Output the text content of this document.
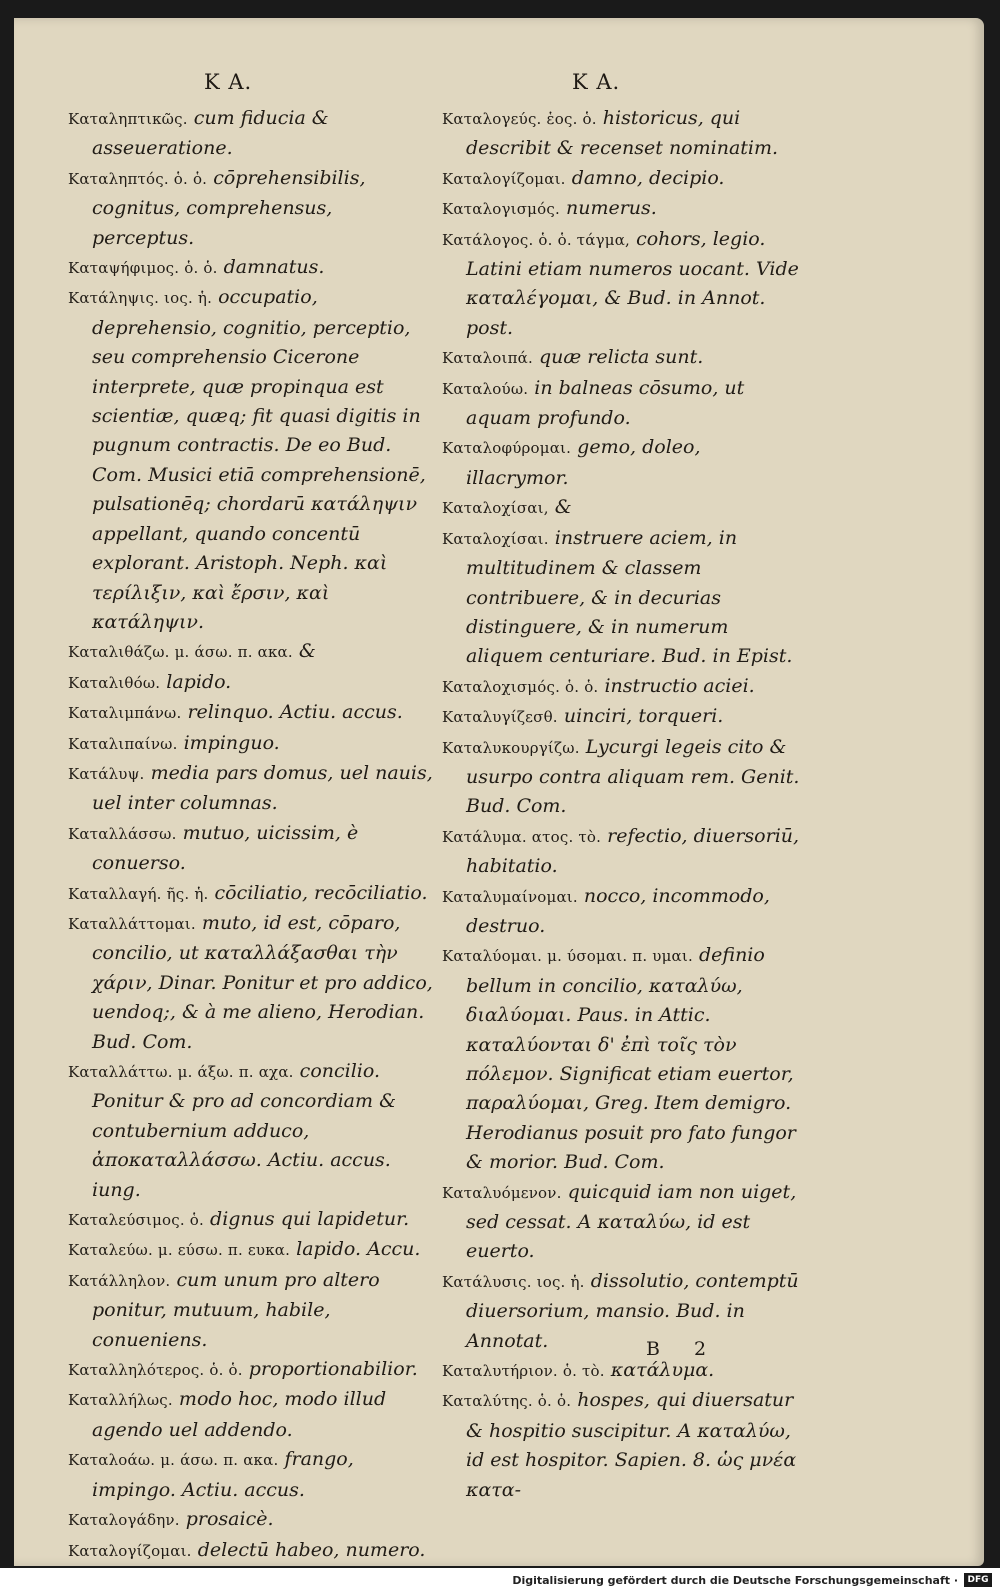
K A.	K A.

Καταληπτικῶς. cum fiducia & asseueratione.

Καταληπτός. ὁ. ὁ. cōprehensibilis, cognitus, comprehensus, perceptus.

Καταψήφιμος. ὁ. ὁ. damnatus.

Κατάληψις. ιος. ἡ. occupatio, deprehensio, cognitio, perceptio, seu comprehensio Cicerone interprete, quæ propinqua est scientiæ, quæq; fit quasi digitis in pugnum contractis. De eo Bud. Com. Musici etiā comprehensionē, pulsationēq; chordarū κατάληψιν appellant, quando concentū explorant. Aristoph. Neph. καὶ τερίλιξιν, καὶ ἔρσιν, καὶ κατάληψιν.

Καταλιθάζω. μ. άσω. π. ακα. &

Καταλιθόω. lapido.

Καταλιμπάνω. relinquo. Actiu. accus.

Καταλιπαίνω. impinguo.

Κατάλυψ. media pars domus, uel nauis, uel inter columnas.

Καταλλάσσω. mutuo, uicissim, è conuerso.

Καταλλαγή. ῆς. ἡ. cōciliatio, recōciliatio.

Καταλλάττομαι. muto, id est, cōparo, concilio, ut καταλλάξασθαι τὴν χάριν, Dinar. Ponitur et pro addico, uendoq;, & à me alieno, Herodian. Bud. Com.

Καταλλάττω. μ. άξω. π. αχα. concilio. Ponitur & pro ad concordiam & contubernium adduco, ἀποκαταλλάσσω. Actiu. accus. iung.

Καταλεύσιμος. ὁ. dignus qui lapidetur.

Καταλεύω. μ. εύσω. π. ευκα. lapido. Accu.

Κατάλληλον. cum unum pro altero ponitur, mutuum, habile, conueniens.

Καταλληλότερος. ὁ. ὁ. proportionabilior.

Καταλλήλως. modo hoc, modo illud agendo uel addendo.

Καταλοάω. μ. άσω. π. ακα. frango, impingo. Actiu. accus.

Καταλογάδην. prosaicè.

Καταλογίζομαι. delectū habeo, numero.

Καταλογεύς. ἑος. ὁ. historicus, qui describit & recenset nominatim.

Καταλογίζομαι. damno, decipio.

Καταλογισμός. numerus.

Κατάλογος. ὁ. ὁ. τάγμα, cohors, legio. Latini etiam numeros uocant. Vide καταλέγομαι, & Bud. in Annot. post.

Καταλοιπά. quæ relicta sunt.

Καταλούω. in balneas cōsumo, ut aquam profundo.

Καταλοφύρομαι. gemo, doleo, illacrymor.

Καταλοχίσαι, &

Καταλοχίσαι. instruere aciem, in multitudinem & classem contribuere, & in decurias distinguere, & in numerum aliquem centuriare. Bud. in Epist.

Καταλοχισμός. ὁ. ὁ. instructio aciei.

Καταλυγίζεσθ. uinciri, torqueri.

Καταλυκουργίζω. Lycurgi legeis cito & usurpo contra aliquam rem. Genit. Bud. Com.

Κατάλυμα. ατος. τὸ. refectio, diuersoriū, habitatio.

Καταλυμαίνομαι. nocco, incommodo, destruo.

Καταλύομαι. μ. ύσομαι. π. υμαι. definio bellum in concilio, καταλύω, διαλύομαι. Paus. in Attic. καταλύονται δ' ἐπὶ τοῖς τὸν πόλεμον. Significat etiam euertor, παραλύομαι, Greg. Item demigro. Herodianus posuit pro fato fungor & morior. Bud. Com.

Καταλυόμενον. quicquid iam non uiget, sed cessat. A καταλύω, id est euerto.

Κατάλυσις. ιος. ἡ. dissolutio, contemptū diuersorium, mansio. Bud. in Annotat.

Καταλυτήριον. ὁ. τὸ. κατάλυμα.

Καταλύτης. ὁ. ὁ. hospes, qui diuersatur & hospitio suscipitur. A καταλύω, id est hospitor. Sapien. 8. ὡς μνέα κατα-

B 2
Digitalisierung gefördert durch die Deutsche Forschungsgemeinschaft ·	DFG
